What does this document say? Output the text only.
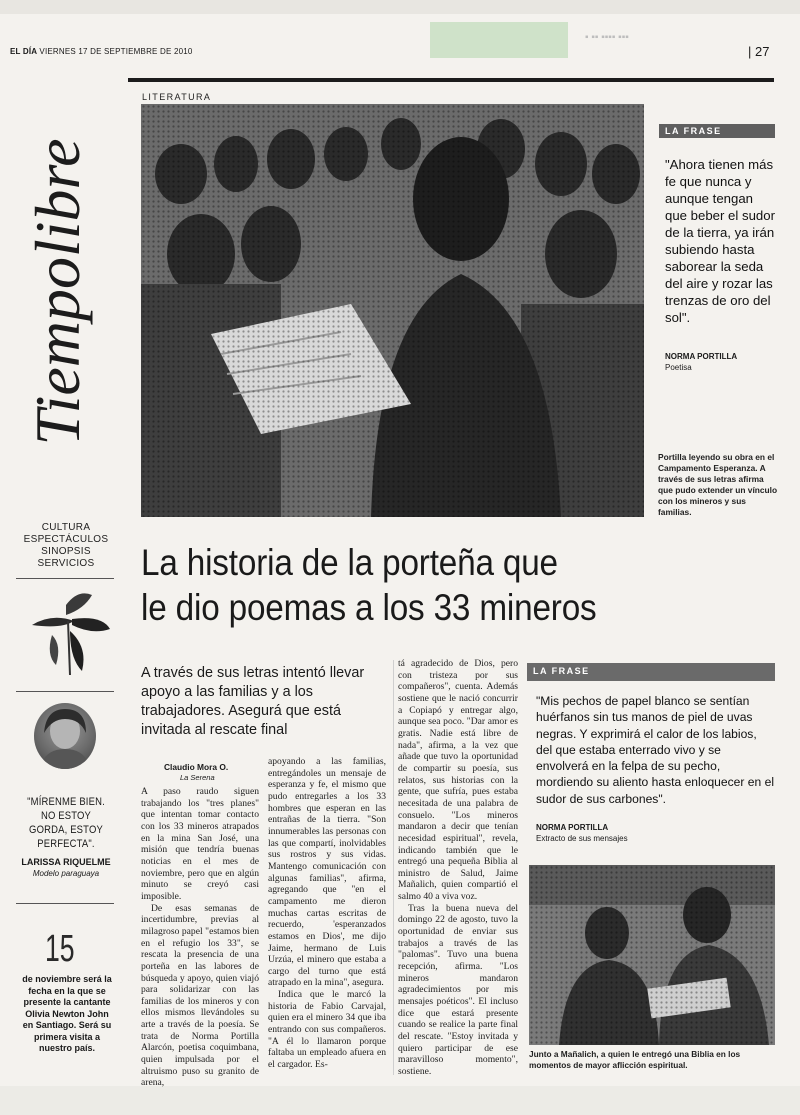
EL DÍA VIERNES 17 DE SEPTIEMBRE DE 2010
▪ ▪▪ ▪▪▪▪ ▪▪▪
| 27
Tiempolibre
CULTURA
ESPECTÁCULOS
SINOPSIS
SERVICIOS
"MÍRENME BIEN. NO ESTOY GORDA, ESTOY PERFECTA".
LARISSA RIQUELME
Modelo paraguaya
15
de noviembre será la fecha en la que se presente la cantante Olivia Newton John en Santiago. Será su primera visita a nuestro país.
LITERATURA
LA FRASE
"Ahora tienen más fe que nunca y aunque tengan que beber el sudor de la tierra, ya irán subiendo hasta saborear la seda del aire y rozar las trenzas de oro del sol".
NORMA PORTILLA
Poetisa
Portilla leyendo su obra en el Campamento Esperanza. A través de sus letras afirma que pudo extender un vínculo con los mineros y sus familias.
La historia de la porteña que
le dio poemas a los 33 mineros
A través de sus letras intentó llevar apoyo a las familias y a los trabajadores. Asegurá que está invitada al rescate final
Claudio Mora O.
La Serena

A paso raudo siguen trabajando los "tres planes" que intentan tomar contacto con los 33 mineros atrapados en la mina San José, una misión que tendría buenas noticias en el mes de noviembre, pero que en algún minuto se creyó casi imposible.

De esas semanas de incertidumbre, previas al milagroso papel "estamos bien en el refugio los 33", se rescata la presencia de una porteña en las labores de búsqueda y apoyo, quien viajó para solidarizar con las familias de los mineros y con ellos mismos llevándoles su arte a través de la poesía. Se trata de Norma Portilla Alarcón, poetisa coquimbana, quien impulsada por el altruismo puso su granito de arena,

apoyando a las familias, entregándoles un mensaje de esperanza y fe, el mismo que pudo entregarles a los 33 hombres que esperan en las entrañas de la tierra. "Son innumerables las personas con las que compartí, inolvidables sus rostros y sus vidas. Mantengo comunicación con algunas familias", afirma, agregando que "en el campamento me dieron muchas cartas escritas de recuerdo, 'esperanzados estamos en Dios', me dijo Jaime, hermano de Luis Urzúa, el minero que estaba a cargo del turno que está atrapado en la mina", asegura.

Indica que le marcó la historia de Fabio Carvajal, quien era el minero 34 que iba entrando con sus compañeros. "A él lo llamaron porque faltaba un empleado afuera en el cargador. Es-

tá agradecido de Dios, pero con tristeza por sus compañeros", cuenta. Además sostiene que le nació concurrir a Copiapó y entregar algo, aunque sea poco. "Dar amor es gratis. Nadie está libre de nada", afirma, a la vez que añade que tuvo la oportunidad de compartir su poesía, sus relatos, sus historias con la gente, que sufría, pues estaba necesitada de una palabra de consuelo. "Los mineros mandaron a decir que tenían necesidad espiritual", revela, indicando también que le entregó una pequeña Biblia al ministro de Salud, Jaime Mañalich, quien compartió el salmo 40 a viva voz.

Tras la buena nueva del domingo 22 de agosto, tuvo la oportunidad de enviar sus trabajos a través de las "palomas". Tuvo una buena recepción, afirma. "Los mineros mandaron agradecimientos por mis mensajes poéticos". El incluso dice que estará presente cuando se realice la parte final del rescate. "Estoy invitada y quiero participar de ese maravilloso momento", sostiene.

LA FRASE
"Mis pechos de papel blanco se sentían huérfanos sin tus manos de piel de uvas negras. Y exprimirá el calor de los labios, del que estaba enterrado vivo y se envolverá en la felpa de su pecho, mordiendo su aliento hasta enloquecer en el sudor de sus carbones".
NORMA PORTILLA
Extracto de sus mensajes
Junto a Mañalich, a quien le entregó una Biblia en los momentos de mayor aflicción espiritual.
